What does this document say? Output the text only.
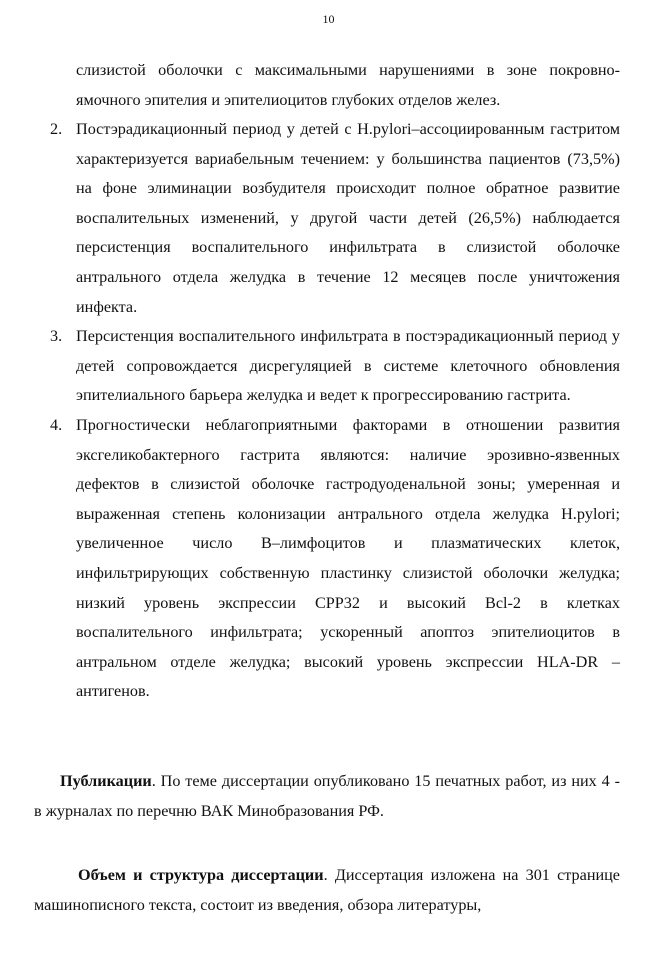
10
слизистой оболочки с максимальными нарушениями в зоне покровно-ямочного эпителия и эпителиоцитов глубоких отделов желез.
2. Постэрадикационный период у детей с H.pylori–ассоциированным гастритом характеризуется вариабельным течением: у большинства пациентов (73,5%) на фоне элиминации возбудителя происходит полное обратное развитие воспалительных изменений, у другой части детей (26,5%) наблюдается персистенция воспалительного инфильтрата в слизистой оболочке антрального отдела желудка в течение 12 месяцев после уничтожения инфекта.
3. Персистенция воспалительного инфильтрата в постэрадикационный период у детей сопровождается дисрегуляцией в системе клеточного обновления эпителиального барьера желудка и ведет к прогрессированию гастрита.
4. Прогностически неблагоприятными факторами в отношении развития эксгеликобактерного гастрита являются: наличие эрозивно-язвенных дефектов в слизистой оболочке гастродуоденальной зоны; умеренная и выраженная степень колонизации антрального отдела желудка H.pylori; увеличенное число B–лимфоцитов и плазматических клеток, инфильтрирующих собственную пластинку слизистой оболочки желудка; низкий уровень экспрессии CPP32 и высокий Bcl-2 в клетках воспалительного инфильтрата; ускоренный апоптоз эпителиоцитов в антральном отделе желудка; высокий уровень экспрессии HLA-DR – антигенов.
Публикации. По теме диссертации опубликовано 15 печатных работ, из них 4 - в журналах по перечню ВАК Минобразования РФ.
Объем и структура диссертации. Диссертация изложена на 301 странице машинописного текста, состоит из введения, обзора литературы,
